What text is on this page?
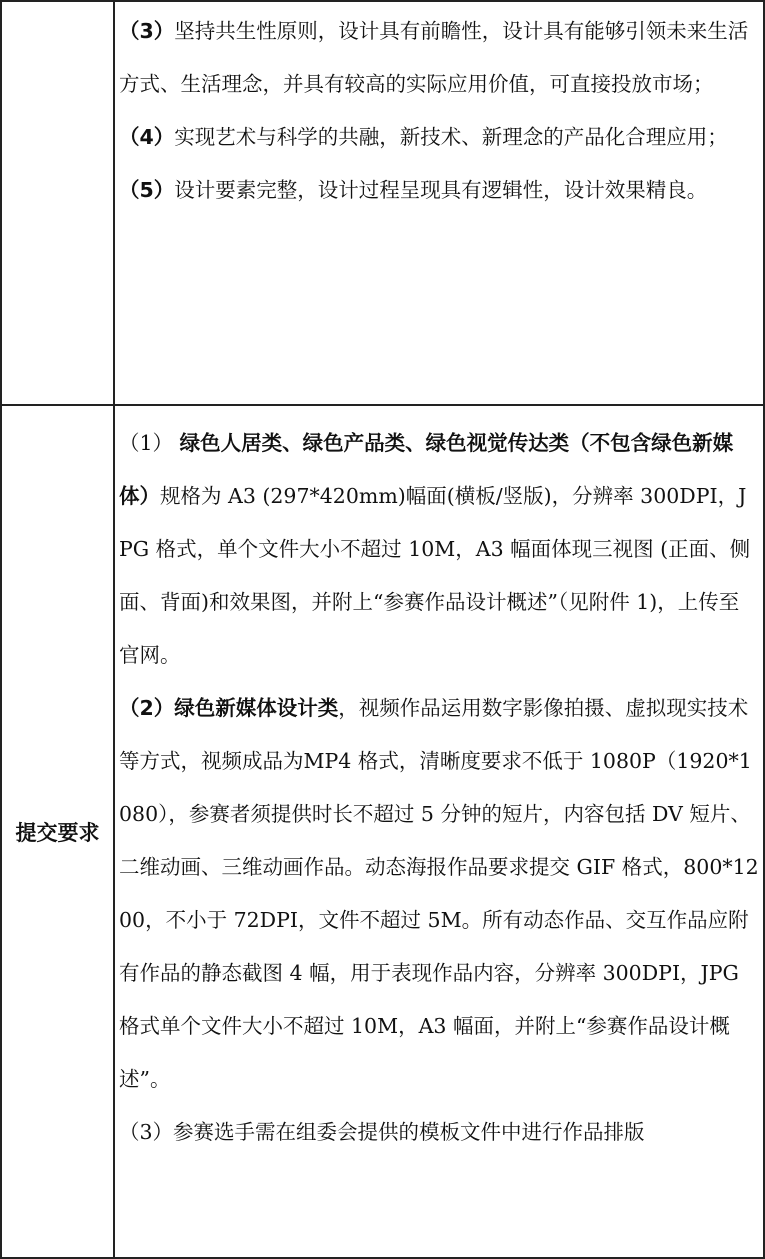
	（3）坚持共生性原则，设计具有前瞻性，设计具有能够引领未来生活方式、生活理念，并具有较高的实际应用价值，可直接投放市场；

（4）实现艺术与科学的共融，新技术、新理念的产品化合理应用；

（5）设计要素完整，设计过程呈现具有逻辑性，设计效果精良。

提交要求	（1） 绿色人居类、绿色产品类、绿色视觉传达类（不包含绿色新媒体）规格为 A3 (297*420mm)幅面(横板/竖版)，分辨率 300DPI，JPG 格式，单个文件大小不超过 10M，A3 幅面体现三视图 (正面、侧面、背面)和效果图，并附上“参赛作品设计概述”（见附件 1)，上传至官网。

（2）绿色新媒体设计类，视频作品运用数字影像拍摄、虚拟现实技术等方式，视频成品为MP4 格式，清晰度要求不低于 1080P（1920*1080），参赛者须提供时长不超过 5 分钟的短片，内容包括 DV 短片、二维动画、三维动画作品。动态海报作品要求提交 GIF 格式，800*1200，不小于 72DPI，文件不超过 5M。所有动态作品、交互作品应附有作品的静态截图 4 幅，用于表现作品内容，分辨率 300DPI，JPG 格式单个文件大小不超过 10M，A3 幅面，并附上“参赛作品设计概述”。

（3）参赛选手需在组委会提供的模板文件中进行作品排版
